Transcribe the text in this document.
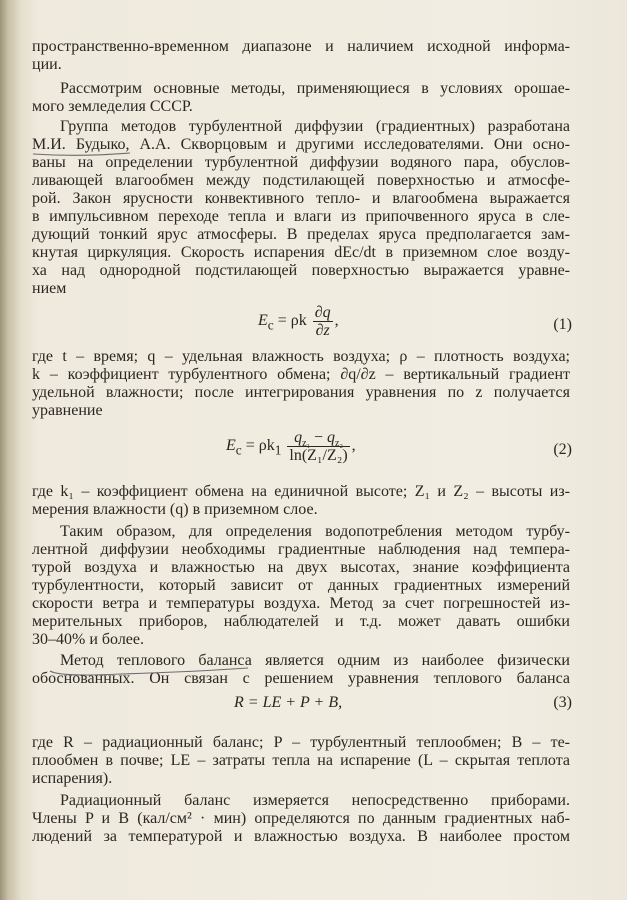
пространственно-временном диапазоне и наличием исходной информа-
ции.
Рассмотрим основные методы, применяющиеся в условиях орошае-
мого земледелия СССР.
Группа методов турбулентной диффузии (градиентных) разработана
М.И. Будыко, А.А. Скворцовым и другими исследователями. Они осно-
ваны на определении турбулентной диффузии водяного пара, обуслов-
ливающей влагообмен между подстилающей поверхностью и атмосфе-
рой. Закон ярусности конвективного тепло- и влагообмена выражается
в импульсивном переходе тепла и влаги из припочвенного яруса в сле-
дующий тонкий ярус атмосферы. В пределах яруса предполагается зам-
кнутая циркуляция. Скорость испарения dEc/dt в приземном слое возду-
ха над однородной подстилающей поверхностью выражается уравне-
нием
где t – время; q – удельная влажность воздуха; ρ – плотность воздуха;
k – коэффициент турбулентного обмена; ∂q/∂z – вертикальный градиент
удельной влажности; после интегрирования уравнения по z получается
уравнение
где k₁ – коэффициент обмена на единичной высоте; Z₁ и Z₂ – высоты из-
мерения влажности (q) в приземном слое.
Таким образом, для определения водопотребления методом турбу-
лентной диффузии необходимы градиентные наблюдения над темпера-
турой воздуха и влажностью на двух высотах, знание коэффициента
турбулентности, который зависит от данных градиентных измерений
скорости ветра и температуры воздуха. Метод за счет погрешностей из-
мерительных приборов, наблюдателей и т.д. может давать ошибки
30–40% и более.
Метод теплового баланса является одним из наиболее физически
обоснованных. Он связан с решением уравнения теплового баланса
где R – радиационный баланс; P – турбулентный теплообмен; B – те-
плообмен в почве; LE – затраты тепла на испарение (L – скрытая теплота
испарения).
Радиационный баланс измеряется непосредственно приборами.
Члены P и B (кал/см² · мин) определяются по данным градиентных наб-
людений за температурой и влажностью воздуха. В наиболее простом
$E_c = \rho k \frac{\partial q}{\partial z}$ ,	(1)
$E_c = \rho k_1 \frac{q_{z_1} - q_{z_2}}{\text{ln(Z₁/Z₂)}}$ ,	(2)
R = LE + P + B,	(3)
